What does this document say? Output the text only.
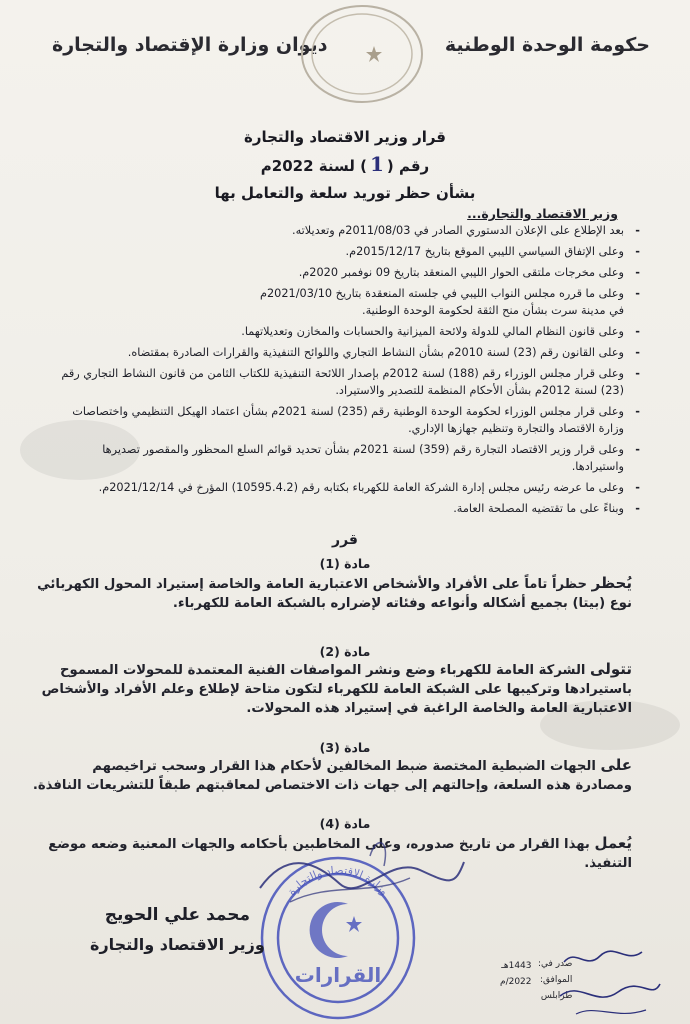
حكومة الوحدة الوطنية
ديوان وزارة الإقتصاد والتجارة
قرار وزير الاقتصاد والتجارة
رقم (1) لسنة 2022م
بشأن حظر توريد سلعة والتعامل بها
وزير الاقتصاد والتجارة...
- بعد الإطلاع على الإعلان الدستوري الصادر في 2011/08/03م وتعديلاته.
- وعلى الإتفاق السياسي الليبي الموقع بتاريخ 2015/12/17م.
- وعلى مخرجات ملتقى الحوار الليبي المنعقد بتاريخ 09 نوفمبر 2020م.
- وعلى ما قرره مجلس النواب الليبي في جلسته المنعقدة بتاريخ 2021/03/10م
في مدينة سرت بشأن منح الثقة لحكومة الوحدة الوطنية.
- وعلى قانون النظام المالي للدولة ولائحة الميزانية والحسابات والمخازن وتعديلاتهما.
- وعلى القانون رقم (23) لسنة 2010م بشأن النشاط التجاري واللوائح التنفيذية والقرارات الصادرة بمقتضاه.
- وعلى قرار مجلس الوزراء رقم (188) لسنة 2012م بإصدار اللائحة التنفيذية للكتاب الثامن من قانون النشاط التجاري رقم (23) لسنة 2012م بشأن الأحكام المنظمة للتصدير والاستيراد.
- وعلى قرار مجلس الوزراء لحكومة الوحدة الوطنية رقم (235) لسنة 2021م بشأن اعتماد الهيكل التنظيمي واختصاصات وزارة الاقتصاد والتجارة وتنظيم جهازها الإداري.
- وعلى قرار وزير الاقتصاد التجارة رقم (359) لسنة 2021م بشأن تحديد قوائم السلع المحظور والمقصور تصديرها واستيرادها.
- وعلى ما عرضه رئيس مجلس إدارة الشركة العامة للكهرباء بكتابه رقم (10595.4.2) المؤرخ في 2021/12/14م.
- وبناءً على ما تقتضيه المصلحة العامة.
قرر
مادة (1)
يُحظر حظراً تاماً على الأفراد والأشخاص الاعتبارية العامة والخاصة إستيراد المحول الكهربائي نوع (بيتا) بجميع أشكاله وأنواعه وفئاته لإضراره بالشبكة العامة للكهرباء.
مادة (2)
تتولى الشركة العامة للكهرباء وضع ونشر المواصفات الفنية المعتمدة للمحولات المسموح باستيرادها وتركيبها على الشبكة العامة للكهرباء لتكون متاحة لإطلاع وعلم الأفراد والأشخاص الاعتبارية العامة والخاصة الراغبة في إستيراد هذه المحولات.
مادة (3)
على الجهات الضبطية المختصة ضبط المخالفين لأحكام هذا القرار وسحب تراخيصهم ومصادرة هذه السلعة، وإحالتهم إلى جهات ذات الاختصاص لمعاقبتهم طبقاً للتشريعات النافذة.
مادة (4)
يُعمل بهذا القرار من تاريخ صدوره، وعلى المخاطبين بأحكامه والجهات المعنية وضعه موضع التنفيذ.
القرارات
وزارة الاقتصاد والتجارة
محمد علي الحويج
وزير الاقتصاد والتجارة
صدر في:
الموافق:
طرابلس
1443هـ
2022/م
